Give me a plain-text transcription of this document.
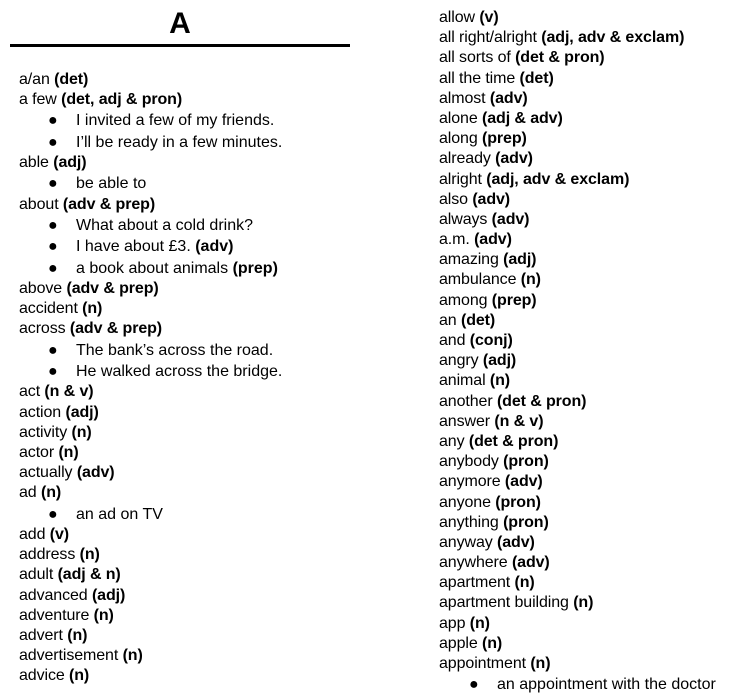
A
a/an (det)
a few (det, adj & pron)
● I invited a few of my friends.
● I’ll be ready in a few minutes.
able (adj)
● be able to
about (adv & prep)
● What about a cold drink?
● I have about £3. (adv)
● a book about animals (prep)
above (adv & prep)
accident (n)
across (adv & prep)
● The bank’s across the road.
● He walked across the bridge.
act (n & v)
action (adj)
activity (n)
actor (n)
actually (adv)
ad (n)
● an ad on TV
add (v)
address (n)
adult (adj & n)
advanced (adj)
adventure (n)
advert (n)
advertisement (n)
advice (n)
allow (v)
all right/alright (adj, adv & exclam)
all sorts of (det & pron)
all the time (det)
almost (adv)
alone (adj & adv)
along (prep)
already (adv)
alright (adj, adv & exclam)
also (adv)
always (adv)
a.m. (adv)
amazing (adj)
ambulance (n)
among (prep)
an (det)
and (conj)
angry (adj)
animal (n)
another (det & pron)
answer (n & v)
any (det & pron)
anybody (pron)
anymore (adv)
anyone (pron)
anything (pron)
anyway (adv)
anywhere (adv)
apartment (n)
apartment building (n)
app (n)
apple (n)
appointment (n)
● an appointment with the doctor
